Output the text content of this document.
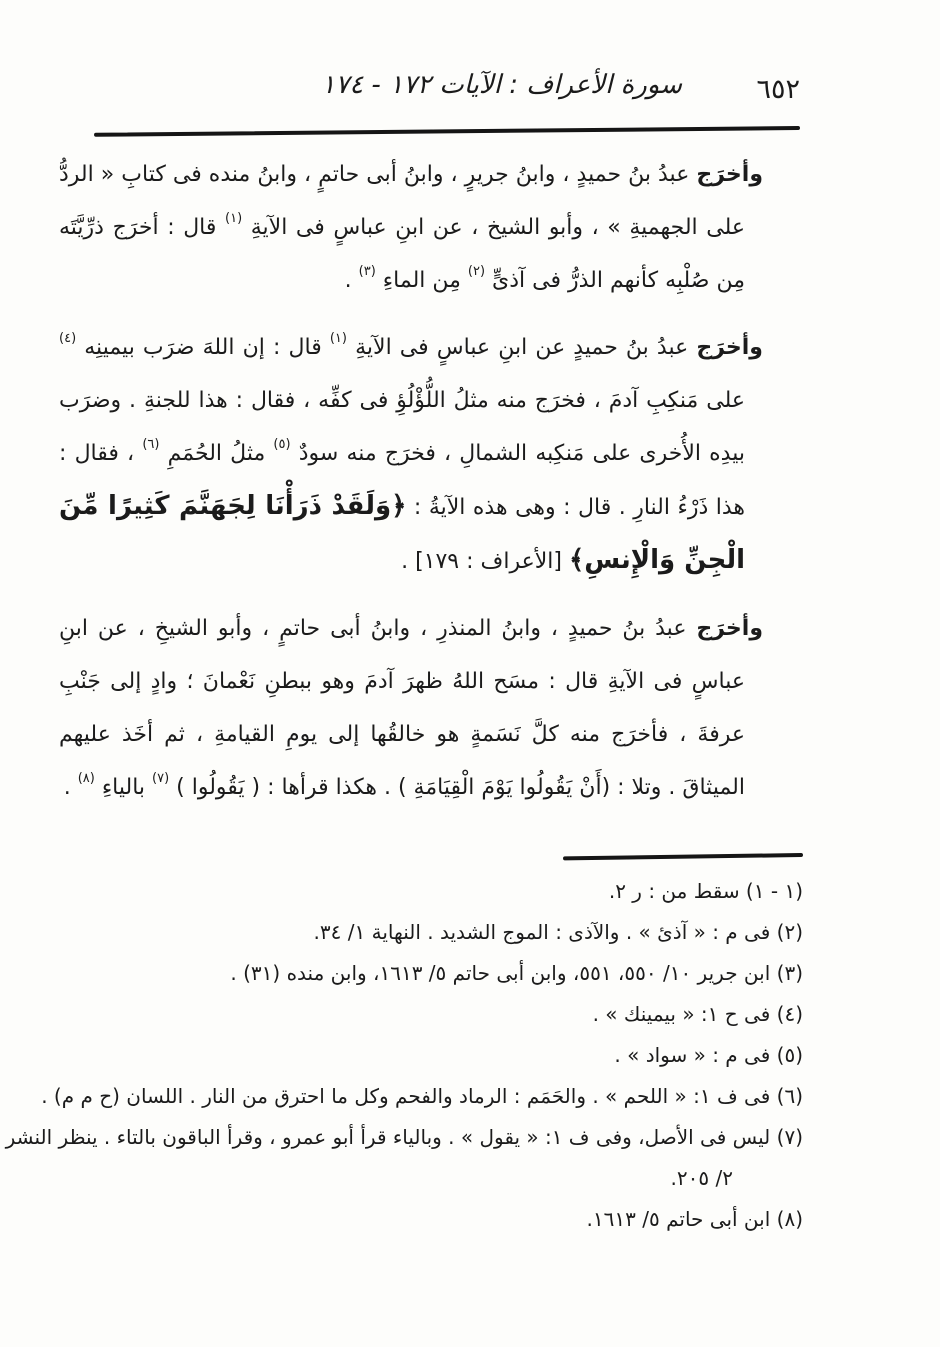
سورة الأعراف : الآيات ١٧٢ - ١٧٤	٦٥٢

وأخرَج عبدُ بنُ حميدٍ ، وابنُ جريرٍ ، وابنُ أبى حاتمٍ ، وابنُ منده فى كتابِ « الردُّ على الجهميةِ » ، وأبو الشيخ ، عن ابنِ عباسٍ فى الآيةِ $^{(١)}$ قال : أخرَج ذرِّيَّتَه مِن صُلْبِه كأنهم الذرُّ فى آذىٍّ $^{(٢)}$ مِن الماءِ $^{(٣)}$ .

وأخرَج عبدُ بنُ حميدٍ عن ابنِ عباسٍ فى الآيةِ $^{(١)}$ قال : إن اللهَ ضرَب بيمينِه $^{(٤)}$ على مَنكِبِ آدمَ ، فخرَج منه مثلُ اللُّؤْلُؤِ فى كفِّه ، فقال : هذا للجنةِ . وضرَب بيدِه الأُخرى على مَنكِبه الشمالِ ، فخرَج منه سودٌ $^{(٥)}$ مثلُ الحُمَمِ $^{(٦)}$ ، فقال : هذا ذَرْءُ النارِ . قال : وهى هذه الآيةُ : ﴿وَلَقَدْ ذَرَأْنَا لِجَهَنَّمَ كَثِيرًا مِّنَ الْجِنِّ وَالْإِنسِ﴾ [الأعراف : ١٧٩] .

وأخرَج عبدُ بنُ حميدٍ ، وابنُ المنذرِ ، وابنُ أبى حاتمٍ ، وأبو الشيخِ ، عن ابنِ عباسٍ فى الآيةِ قال : مسَح اللهُ ظهرَ آدمَ وهو ببطنِ نَعْمانَ ؛ وادٍ إلى جَنْبِ عرفةَ ، فأخرَج منه كلَّ نَسَمةٍ هو خالقُها إلى يومِ القيامةِ ، ثم أخَذ عليهم الميثاقَ . وتلا : (أَنْ يَقُولُوا يَوْمَ الْقِيَامَةِ ) . هكذا قرأها : ( يَقُولُوا ) $^{(٧)}$ بالياءِ $^{(٨)}$ .

(١ - ١) سقط من : ر ٢.
(٢) فى م : « آذئ » . والآذى : الموج الشديد . النهاية ١/ ٣٤.
(٣) ابن جرير ١٠/ ٥٥٠، ٥٥١، وابن أبى حاتم ٥/ ١٦١٣، وابن منده (٣١) .
(٤) فى ح ١: « بيمينك » .
(٥) فى م : « سواد » .
(٦) فى ف ١: « اللحم » . والحَمَم : الرماد والفحم وكل ما احترق من النار . اللسان (ح م م) .
(٧) ليس فى الأصل، وفى ف ١: « يقول » . وبالياء قرأ أبو عمرو ، وقرأ الباقون بالتاء . ينظر النشر
٢/ ٢٠٥.
(٨) ابن أبى حاتم ٥/ ١٦١٣.
